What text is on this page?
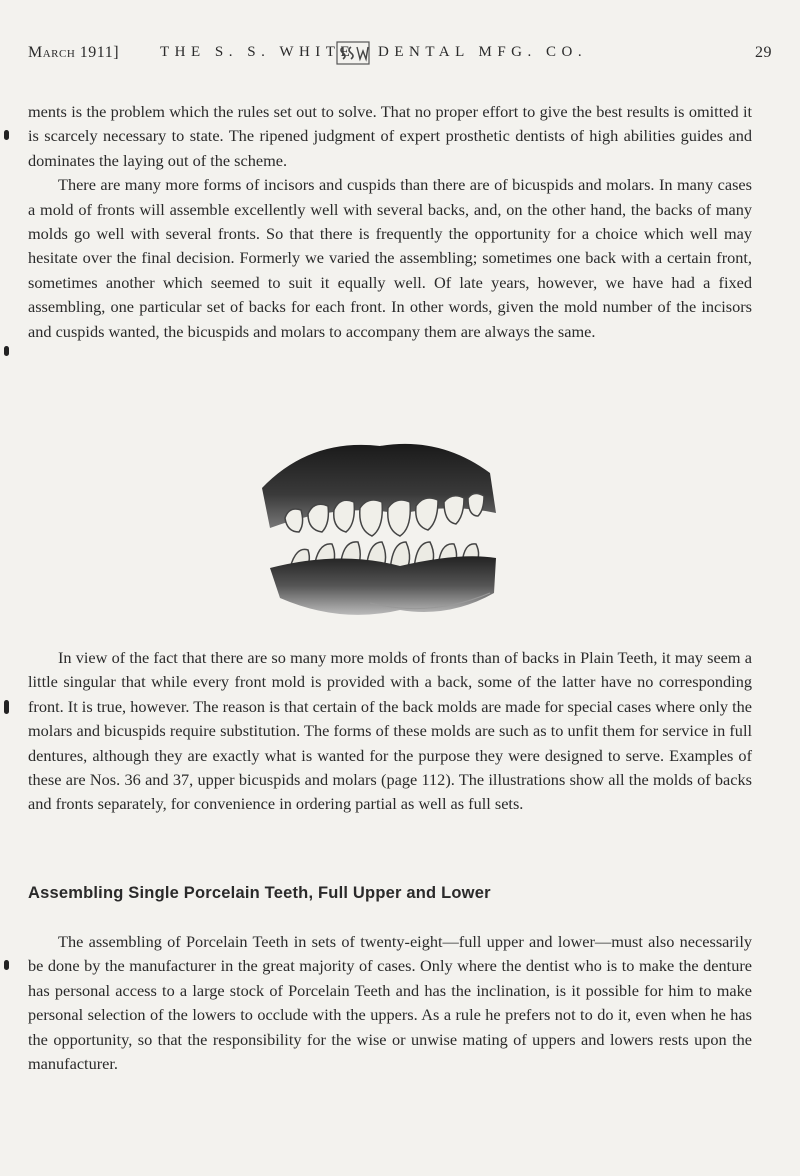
March 1911]	THE S. S. WHITE DENTAL MFG. CO.	29

ments is the problem which the rules set out to solve. That no proper effort to give the best results is omitted it is scarcely necessary to state. The ripened judgment of expert prosthetic dentists of high abilities guides and dominates the laying out of the scheme.

There are many more forms of incisors and cuspids than there are of bicuspids and molars. In many cases a mold of fronts will assemble excellently well with several backs, and, on the other hand, the backs of many molds go well with several fronts. So that there is frequently the opportunity for a choice which well may hesitate over the final decision. Formerly we varied the assembling; sometimes one back with a certain front, sometimes another which seemed to suit it equally well. Of late years, however, we have had a fixed assembling, one particular set of backs for each front. In other words, given the mold number of the incisors and cuspids wanted, the bicuspids and molars to accompany them are always the same.

In view of the fact that there are so many more molds of fronts than of backs in Plain Teeth, it may seem a little singular that while every front mold is provided with a back, some of the latter have no corresponding front. It is true, however. The reason is that certain of the back molds are made for special cases where only the molars and bicuspids require substitution. The forms of these molds are such as to unfit them for service in full dentures, although they are exactly what is wanted for the purpose they were designed to serve. Examples of these are Nos. 36 and 37, upper bicuspids and molars (page 112). The illustrations show all the molds of backs and fronts separately, for convenience in ordering partial as well as full sets.

Assembling Single Porcelain Teeth, Full Upper and Lower

The assembling of Porcelain Teeth in sets of twenty-eight—full upper and lower—must also necessarily be done by the manufacturer in the great majority of cases. Only where the dentist who is to make the denture has personal access to a large stock of Porcelain Teeth and has the inclination, is it possible for him to make personal selection of the lowers to occlude with the uppers. As a rule he prefers not to do it, even when he has the opportunity, so that the responsibility for the wise or unwise mating of uppers and lowers rests upon the manufacturer.
